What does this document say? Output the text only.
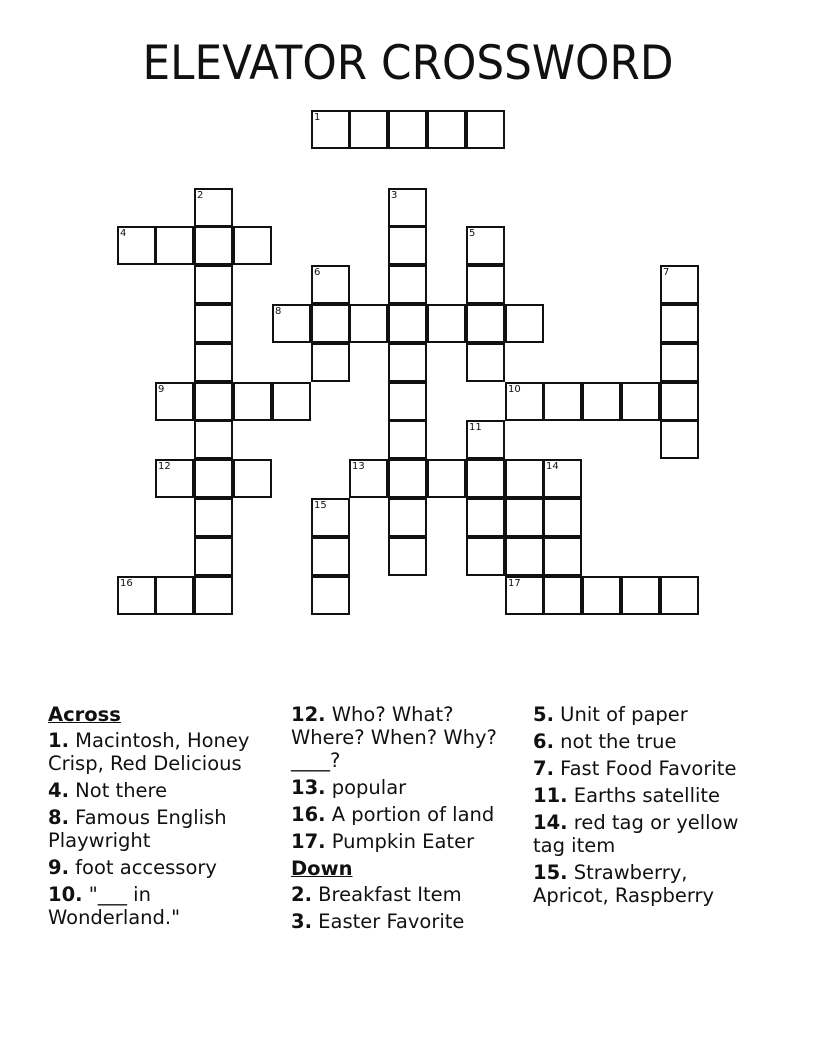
ELEVATOR CROSSWORD
1
2	3
4	5
6	7
8
9	10
11
12	13	14
15
16	17
Across
1. Macintosh, Honey Crisp, Red Delicious
4. Not there
8. Famous English Playwright
9. foot accessory
10. "___ in Wonderland."
12. Who? What? Where? When? Why? ____?
13. popular
16. A portion of land
17. Pumpkin Eater
Down
2. Breakfast Item
3. Easter Favorite
5. Unit of paper
6. not the true
7. Fast Food Favorite
11. Earths satellite
14. red tag or yellow tag item
15. Strawberry, Apricot, Raspberry
